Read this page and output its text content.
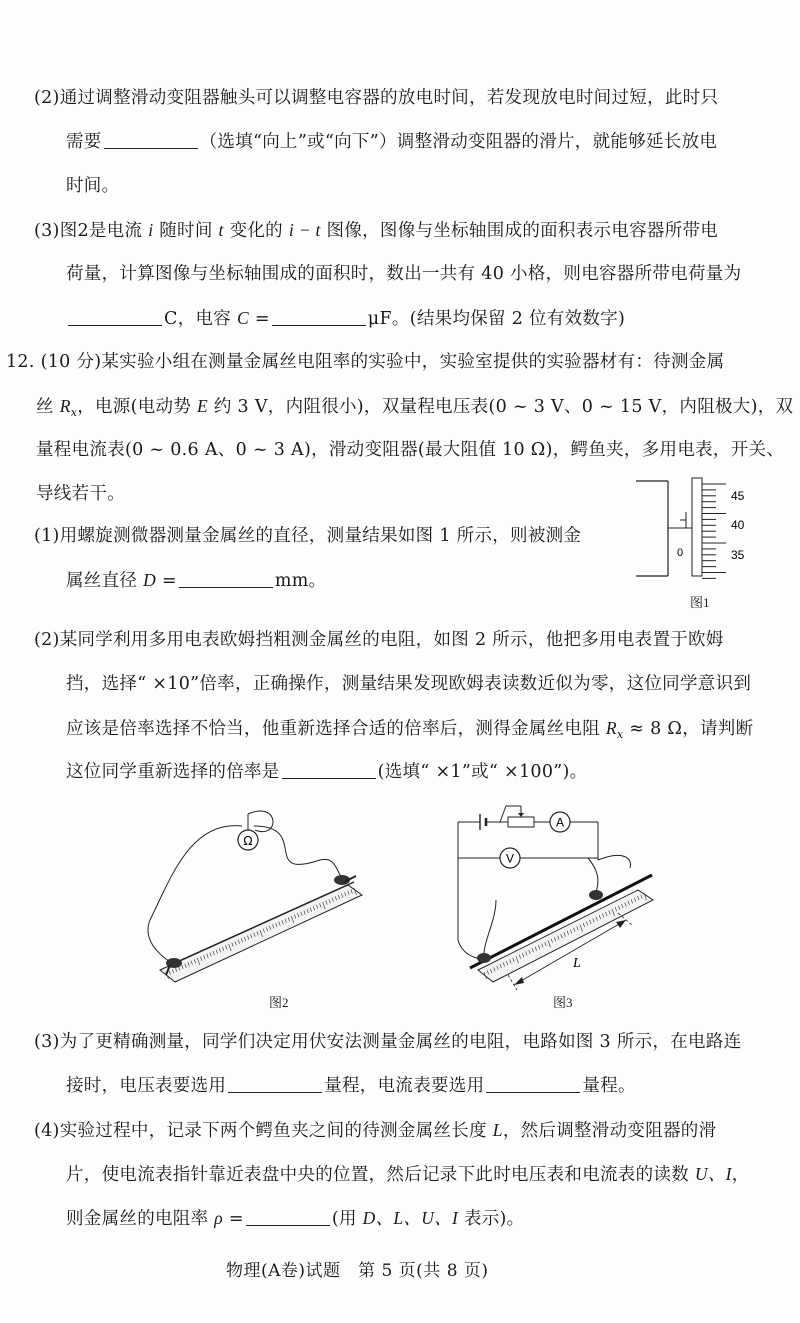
(2)通过调整滑动变阻器触头可以调整电容器的放电时间，若发现放电时间过短，此时只
需要	（选填“向上”或“向下”）调整滑动变阻器的滑片，就能够延长放电
时间。
(3)图2是电流 i 随时间 t 变化的 i − t 图像，图像与坐标轴围成的面积表示电容器所带电
荷量，计算图像与坐标轴围成的面积时，数出一共有 40 小格，则电容器所带电荷量为
C，电容 C =	μF。(结果均保留 2 位有效数字)
12. (10 分)某实验小组在测量金属丝电阻率的实验中，实验室提供的实验器材有：待测金属
丝 $R_x$，电源(电动势 E 约 3 V，内阻很小)，双量程电压表(0 ~ 3 V、0 ~ 15 V，内阻极大)，双
量程电流表(0 ~ 0.6 A、0 ~ 3 A)，滑动变阻器(最大阻值 10 Ω)，鳄鱼夹，多用电表，开关、
导线若干。
(1)用螺旋测微器测量金属丝的直径，测量结果如图 1 所示，则被测金
属丝直径 D =	mm。
45
40
35
0
图1
(2)某同学利用多用电表欧姆挡粗测金属丝的电阻，如图 2 所示，他把多用电表置于欧姆
挡，选择“ ×10”倍率，正确操作，测量结果发现欧姆表读数近似为零，这位同学意识到
应该是倍率选择不恰当，他重新选择合适的倍率后，测得金属丝电阻 $R_x \approx 8$ Ω，请判断
这位同学重新选择的倍率是	(选填“ ×1”或“ ×100”)。
Ω
图2
A
V
L
图3
(3)为了更精确测量，同学们决定用伏安法测量金属丝的电阻，电路如图 3 所示，在电路连
接时，电压表要选用	量程，电流表要选用	量程。
(4)实验过程中，记录下两个鳄鱼夹之间的待测金属丝长度 L，然后调整滑动变阻器的滑
片，使电流表指针靠近表盘中央的位置，然后记录下此时电压表和电流表的读数 U、I，
则金属丝的电阻率 ρ =	(用 D、L、U、I 表示)。
物理(A卷)试题　第 5 页(共 8 页)
